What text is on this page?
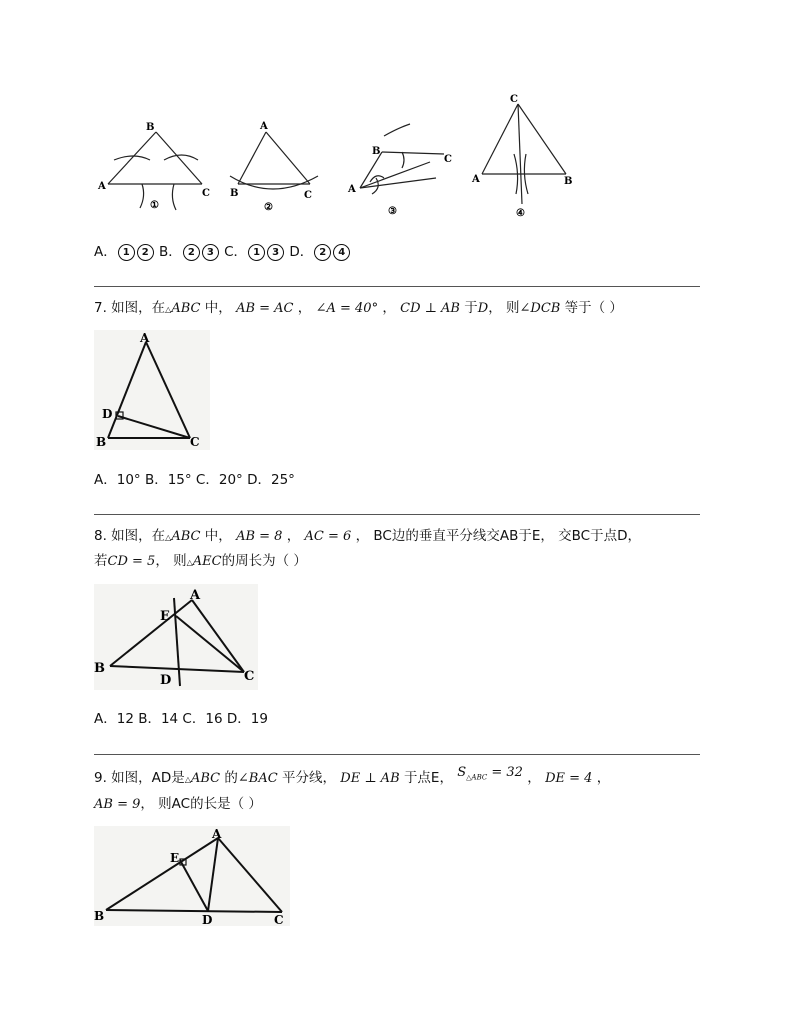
A
B
C
①
A
B	C
②
A
B
C
③
C
A	B
④
A． 1 2 B． 2 3 C． 1 3 D． 2 4
7. 如图，在△ABC 中， AB = AC ， ∠A = 40° ， CD ⊥ AB 于D， 则∠DCB 等于（ ）
A
D
B	C
A．10° B．15° C．20° D．25°
8. 如图，在△ABC 中， AB = 8 ， AC = 6 ， BC边的垂直平分线交AB于E， 交BC于点D，
若CD = 5， 则△AEC的周长为（ ）
E
A
B
D	C
A．12 B．14 C．16 D．19
9. 如图，AD是△ABC 的∠BAC 平分线， DE ⊥ AB 于点E， $S_{\triangle ABC} = 32$ ， DE = 4 ，
AB = 9， 则AC的长是（ ）
A
E
B	D	C
